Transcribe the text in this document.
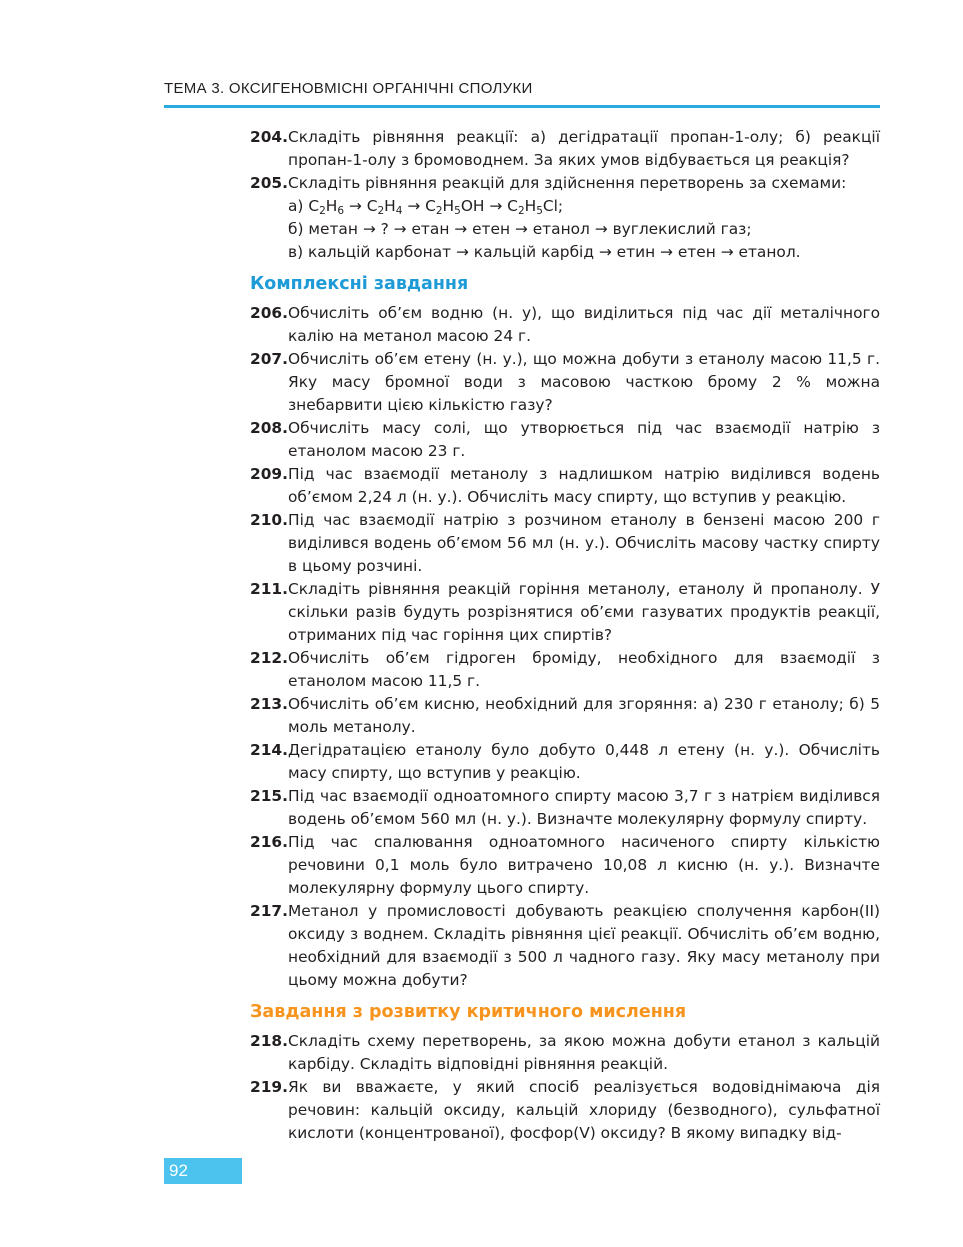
ТЕМА 3. ОКСИГЕНОВМІСНІ ОРГАНІЧНІ СПОЛУКИ
204. Складіть рівняння реакції: а) дегідратації пропан-1-олу; б) реакції пропан-1-олу з бромоводнем. За яких умов відбувається ця реакція?
205. Складіть рівняння реакцій для здійснення перетворень за схемами:
а) $C_2H_6 \to C_2H_4 \to C_2H_5OH \to C_2H_5Cl$;
б) метан → ? → етан → етен → етанол → вуглекислий газ;
в) кальцій карбонат → кальцій карбід → етин → етен → етанол.
Комплексні завдання
206. Обчисліть об’єм водню (н. у), що виділиться під час дії металічного калію на метанол масою 24 г.
207. Обчисліть об’єм етену (н. у.), що можна добути з етанолу масою 11,5 г. Яку масу бромної води з масовою часткою брому 2 % можна знебарвити цією кількістю газу?
208. Обчисліть масу солі, що утворюється під час взаємодії натрію з етанолом масою 23 г.
209. Під час взаємодії метанолу з надлишком натрію виділився водень об’ємом 2,24 л (н. у.). Обчисліть масу спирту, що вступив у реакцію.
210. Під час взаємодії натрію з розчином етанолу в бензені масою 200 г виділився водень об’ємом 56 мл (н. у.). Обчисліть масову частку спирту в цьому розчині.
211. Складіть рівняння реакцій горіння метанолу, етанолу й пропанолу. У скільки разів будуть розрізнятися об’єми газуватих продуктів реакції, отриманих під час горіння цих спиртів?
212. Обчисліть об’єм гідроген броміду, необхідного для взаємодії з етанолом масою 11,5 г.
213. Обчисліть об’єм кисню, необхідний для згоряння: а) 230 г етанолу; б) 5 моль метанолу.
214. Дегідратацією етанолу було добуто 0,448 л етену (н. у.). Обчисліть масу спирту, що вступив у реакцію.
215. Під час взаємодії одноатомного спирту масою 3,7 г з натрієм виділився водень об’ємом 560 мл (н. у.). Визначте молекулярну формулу спирту.
216. Під час спалювання одноатомного насиченого спирту кількістю речовини 0,1 моль було витрачено 10,08 л кисню (н. у.). Визначте молекулярну формулу цього спирту.
217. Метанол у промисловості добувають реакцією сполучення карбон(ІІ) оксиду з воднем. Складіть рівняння цієї реакції. Обчисліть об’єм водню, необхідний для взаємодії з 500 л чадного газу. Яку масу метанолу при цьому можна добути?
Завдання з розвитку критичного мислення
218. Складіть схему перетворень, за якою можна добути етанол з кальцій карбіду. Складіть відповідні рівняння реакцій.
219. Як ви вважаєте, у який спосіб реалізується водовіднімаюча дія речовин: кальцій оксиду, кальцій хлориду (безводного), сульфатної кислоти (концентрованої), фосфор(V) оксиду? В якому випадку від-
92
